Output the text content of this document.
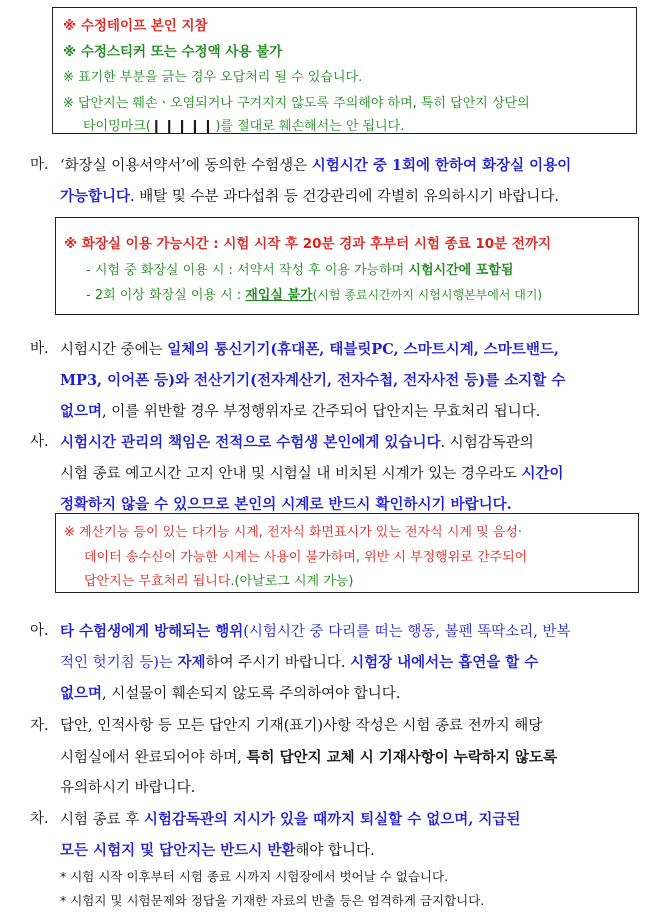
※ 수정테이프 본인 지참
※ 수정스티커 또는 수정액 사용 불가
※ 표기한 부분을 긁는 경우 오답처리 될 수 있습니다.
※ 답안지는 훼손ㆍ오염되거나 구겨지지 않도록 주의해야 하며, 특히 답안지 상단의
타이밍마크(❙❙❙❙❙)를 절대로 훼손해서는 안 됩니다.
마. ‘화장실 이용서약서’에 동의한 수험생은 시험시간 중 1회에 한하여 화장실 이용이
가능합니다. 배탈 및 수분 과다섭취 등 건강관리에 각별히 유의하시기 바랍니다.
※ 화장실 이용 가능시간 : 시험 시작 후 20분 경과 후부터 시험 종료 10분 전까지
- 시험 중 화장실 이용 시 : 서약서 작성 후 이용 가능하며 시험시간에 포함됨
- 2회 이상 화장실 이용 시 : 재입실 불가(시험 종료시간까지 시험시행본부에서 대기)
바. 시험시간 중에는 일체의 통신기기(휴대폰, 태블릿PC, 스마트시계, 스마트밴드,
MP3, 이어폰 등)와 전산기기(전자계산기, 전자수첩, 전자사전 등)를 소지할 수
없으며, 이를 위반할 경우 부정행위자로 간주되어 답안지는 무효처리 됩니다.
사. 시험시간 관리의 책임은 전적으로 수험생 본인에게 있습니다. 시험감독관의
시험 종료 예고시간 고지 안내 및 시험실 내 비치된 시계가 있는 경우라도 시간이
정확하지 않을 수 있으므로 본인의 시계로 반드시 확인하시기 바랍니다.
※ 계산기능 등이 있는 다기능 시계, 전자식 화면표시가 있는 전자식 시계 및 음성·
데이터 송수신이 가능한 시계는 사용이 불가하며, 위반 시 부정행위로 간주되어
답안지는 무효처리 됩니다.(아날로그 시계 가능)
아. 타 수험생에게 방해되는 행위(시험시간 중 다리를 떠는 행동, 볼펜 똑딱소리, 반복
적인 헛기침 등)는 자제하여 주시기 바랍니다. 시험장 내에서는 흡연을 할 수
없으며, 시설물이 훼손되지 않도록 주의하여야 합니다.
자. 답안, 인적사항 등 모든 답안지 기재(표기)사항 작성은 시험 종료 전까지 해당
시험실에서 완료되어야 하며, 특히 답안지 교체 시 기재사항이 누락하지 않도록
유의하시기 바랍니다.
차. 시험 종료 후 시험감독관의 지시가 있을 때까지 퇴실할 수 없으며, 지급된
모든 시험지 및 답안지는 반드시 반환해야 합니다.
* 시험 시작 이후부터 시험 종료 시까지 시험장에서 벗어날 수 없습니다.
* 시험지 및 시험문제와 정답을 기재한 자료의 반출 등은 엄격하게 금지합니다.
